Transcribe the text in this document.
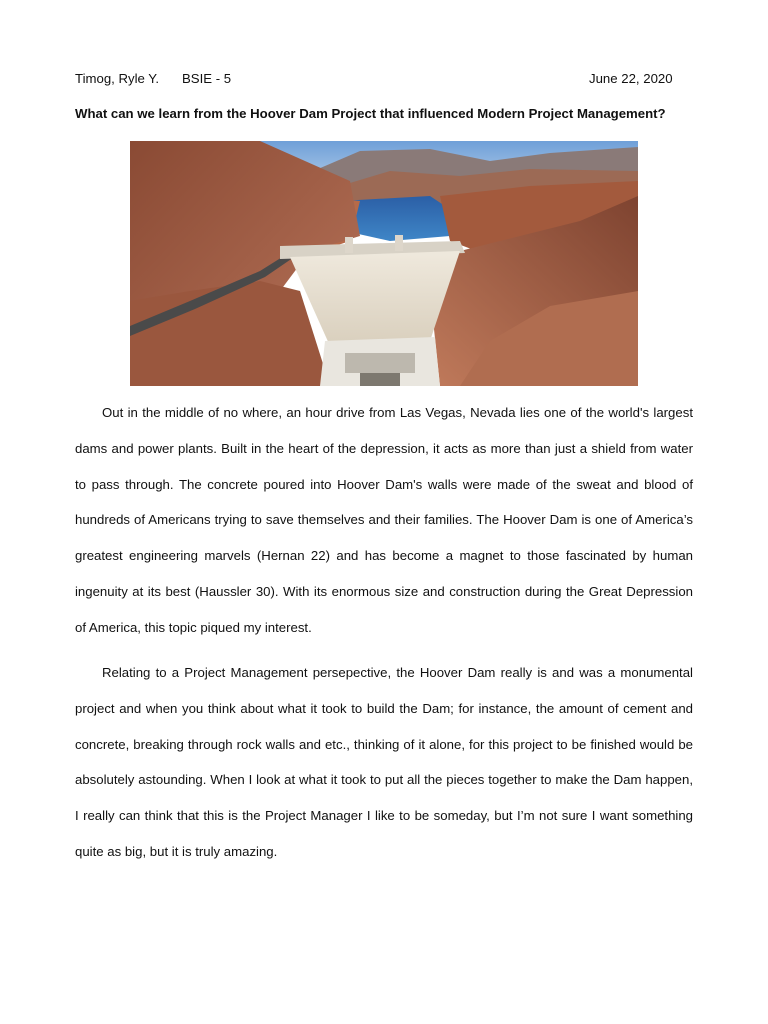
Timog, Ryle Y. BSIE - 5	June 22, 2020
What can we learn from the Hoover Dam Project that influenced Modern Project Management?

Out in the middle of no where, an hour drive from Las Vegas, Nevada lies one of the world's largest dams and power plants. Built in the heart of the depression, it acts as more than just a shield from water to pass through. The concrete poured into Hoover Dam's walls were made of the sweat and blood of hundreds of Americans trying to save themselves and their families. The Hoover Dam is one of America’s greatest engineering marvels (Hernan 22) and has become a magnet to those fascinated by human ingenuity at its best (Haussler 30). With its enormous size and construction during the Great Depression of America, this topic piqued my interest.

Relating to a Project Management persepective, the Hoover Dam really is and was a monumental project and when you think about what it took to build the Dam; for instance, the amount of cement and concrete, breaking through rock walls and etc., thinking of it alone, for this project to be finished would be absolutely astounding. When I look at what it took to put all the pieces together to make the Dam happen, I really can think that this is the Project Manager I like to be someday, but I’m not sure I want something quite as big, but it is truly amazing.
